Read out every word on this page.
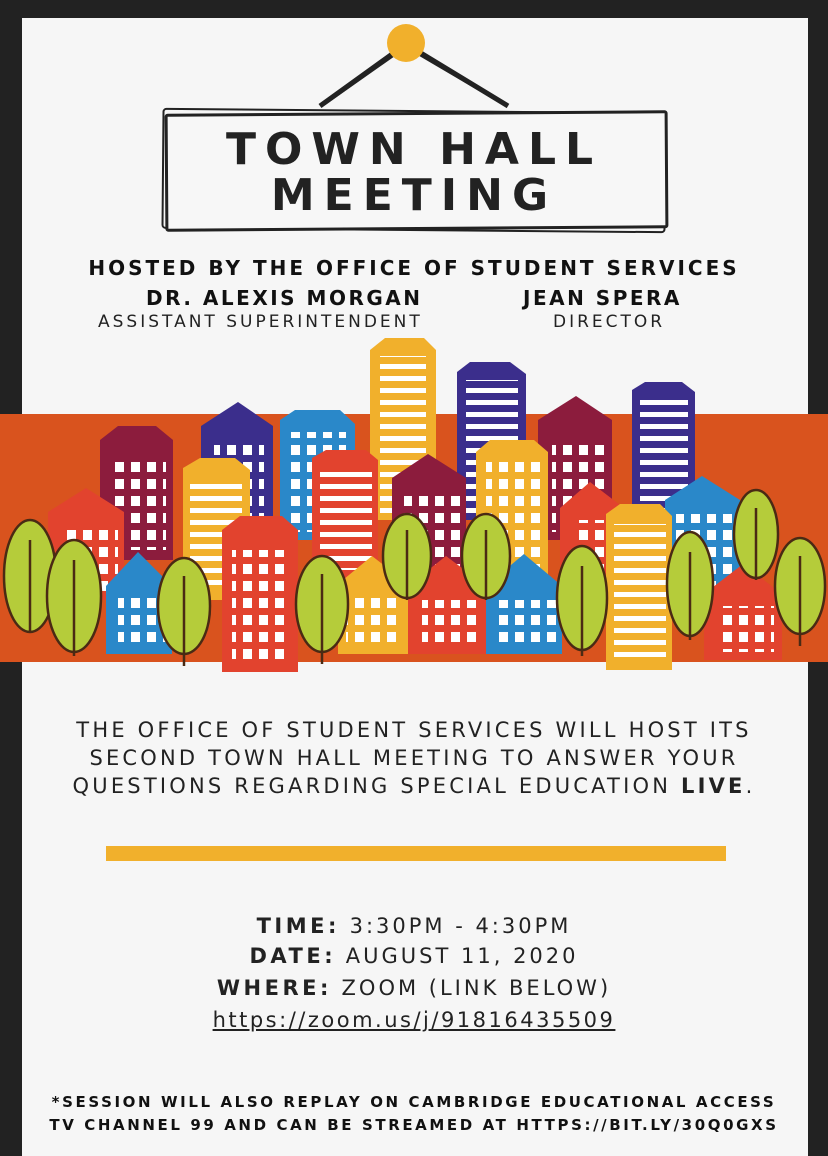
TOWN HALL
MEETING
HOSTED BY THE OFFICE OF STUDENT SERVICES
DR. ALEXIS MORGAN
ASSISTANT SUPERINTENDENT
JEAN SPERA
DIRECTOR
THE OFFICE OF STUDENT SERVICES WILL HOST ITS
SECOND TOWN HALL MEETING TO ANSWER YOUR
QUESTIONS REGARDING SPECIAL EDUCATION LIVE.
TIME: 3:30PM - 4:30PM
DATE: AUGUST 11, 2020
WHERE: ZOOM (LINK BELOW)
https://zoom.us/j/91816435509
*SESSION WILL ALSO REPLAY ON CAMBRIDGE EDUCATIONAL ACCESS
TV CHANNEL 99 AND CAN BE STREAMED AT HTTPS://BIT.LY/30Q0GXS
